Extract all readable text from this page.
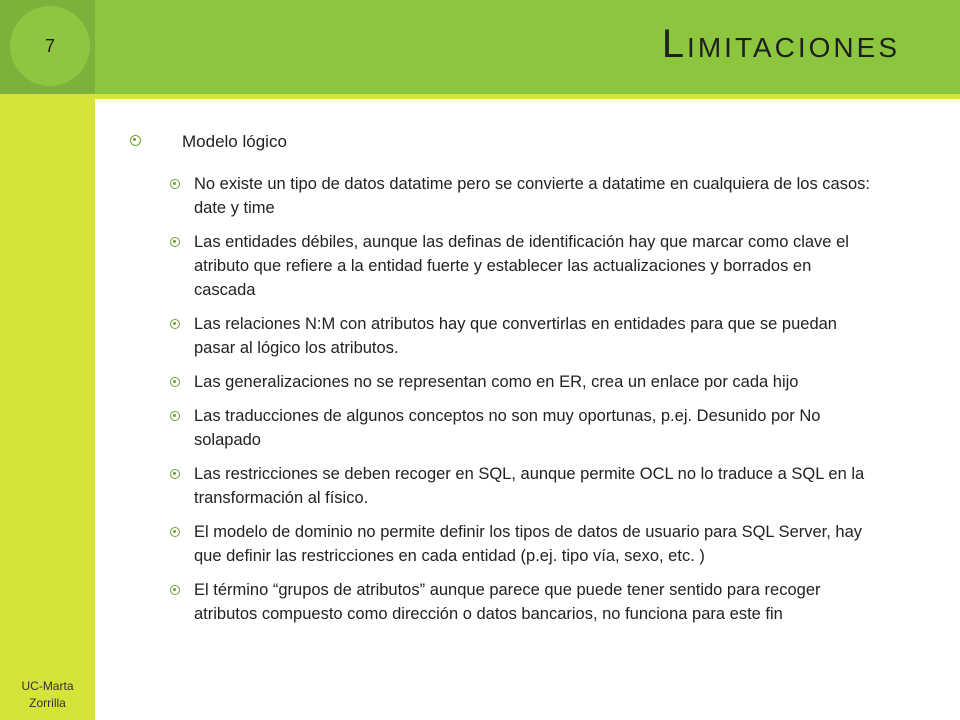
7	Limitaciones
UC-Marta
Zorrilla
Modelo lógico
No existe un tipo de datos datatime pero se convierte a datatime en cualquiera de los casos: date y time
Las entidades débiles, aunque las definas de identificación hay que marcar como clave el atributo que refiere a la entidad fuerte y establecer las actualizaciones y borrados en cascada
Las relaciones N:M con atributos hay que convertirlas en entidades para que se puedan pasar al lógico los atributos.
Las generalizaciones no se representan como en ER, crea un enlace por cada hijo
Las traducciones de algunos conceptos no son muy oportunas, p.ej. Desunido por No solapado
Las restricciones se deben recoger en SQL, aunque permite OCL no lo traduce a SQL en la transformación al físico.
El modelo de dominio no permite definir los tipos de datos de usuario para SQL Server, hay que definir las restricciones en cada entidad (p.ej. tipo vía, sexo, etc. )
El término “grupos de atributos” aunque parece que puede tener sentido para recoger atributos compuesto como dirección o datos bancarios, no funciona para este fin
